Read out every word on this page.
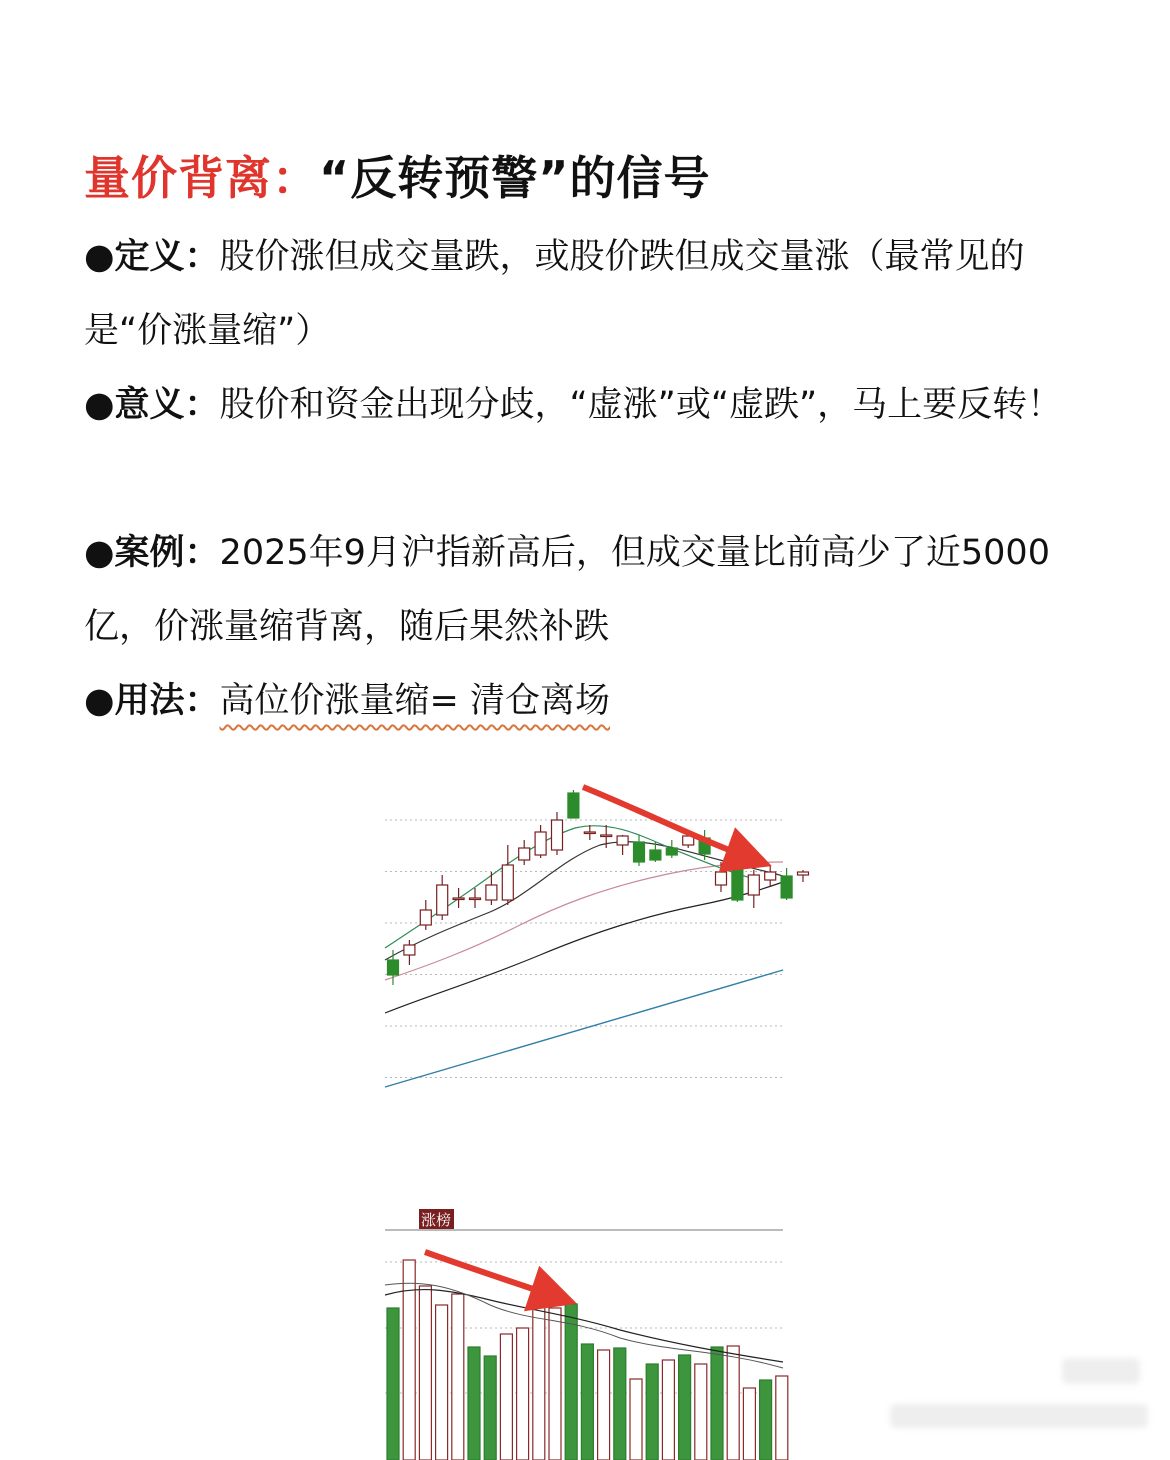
量价背离：“反转预警”的信号
●定义：股价涨但成交量跌，或股价跌但成交量涨（最常见的是“价涨量缩”）
●意义：股价和资金出现分歧，“虚涨”或“虚跌”，马上要反转！
●案例：2025年9月沪指新高后，但成交量比前高少了近5000亿，价涨量缩背离，随后果然补跌
●用法：高位价涨量缩= 清仓离场
涨榜
